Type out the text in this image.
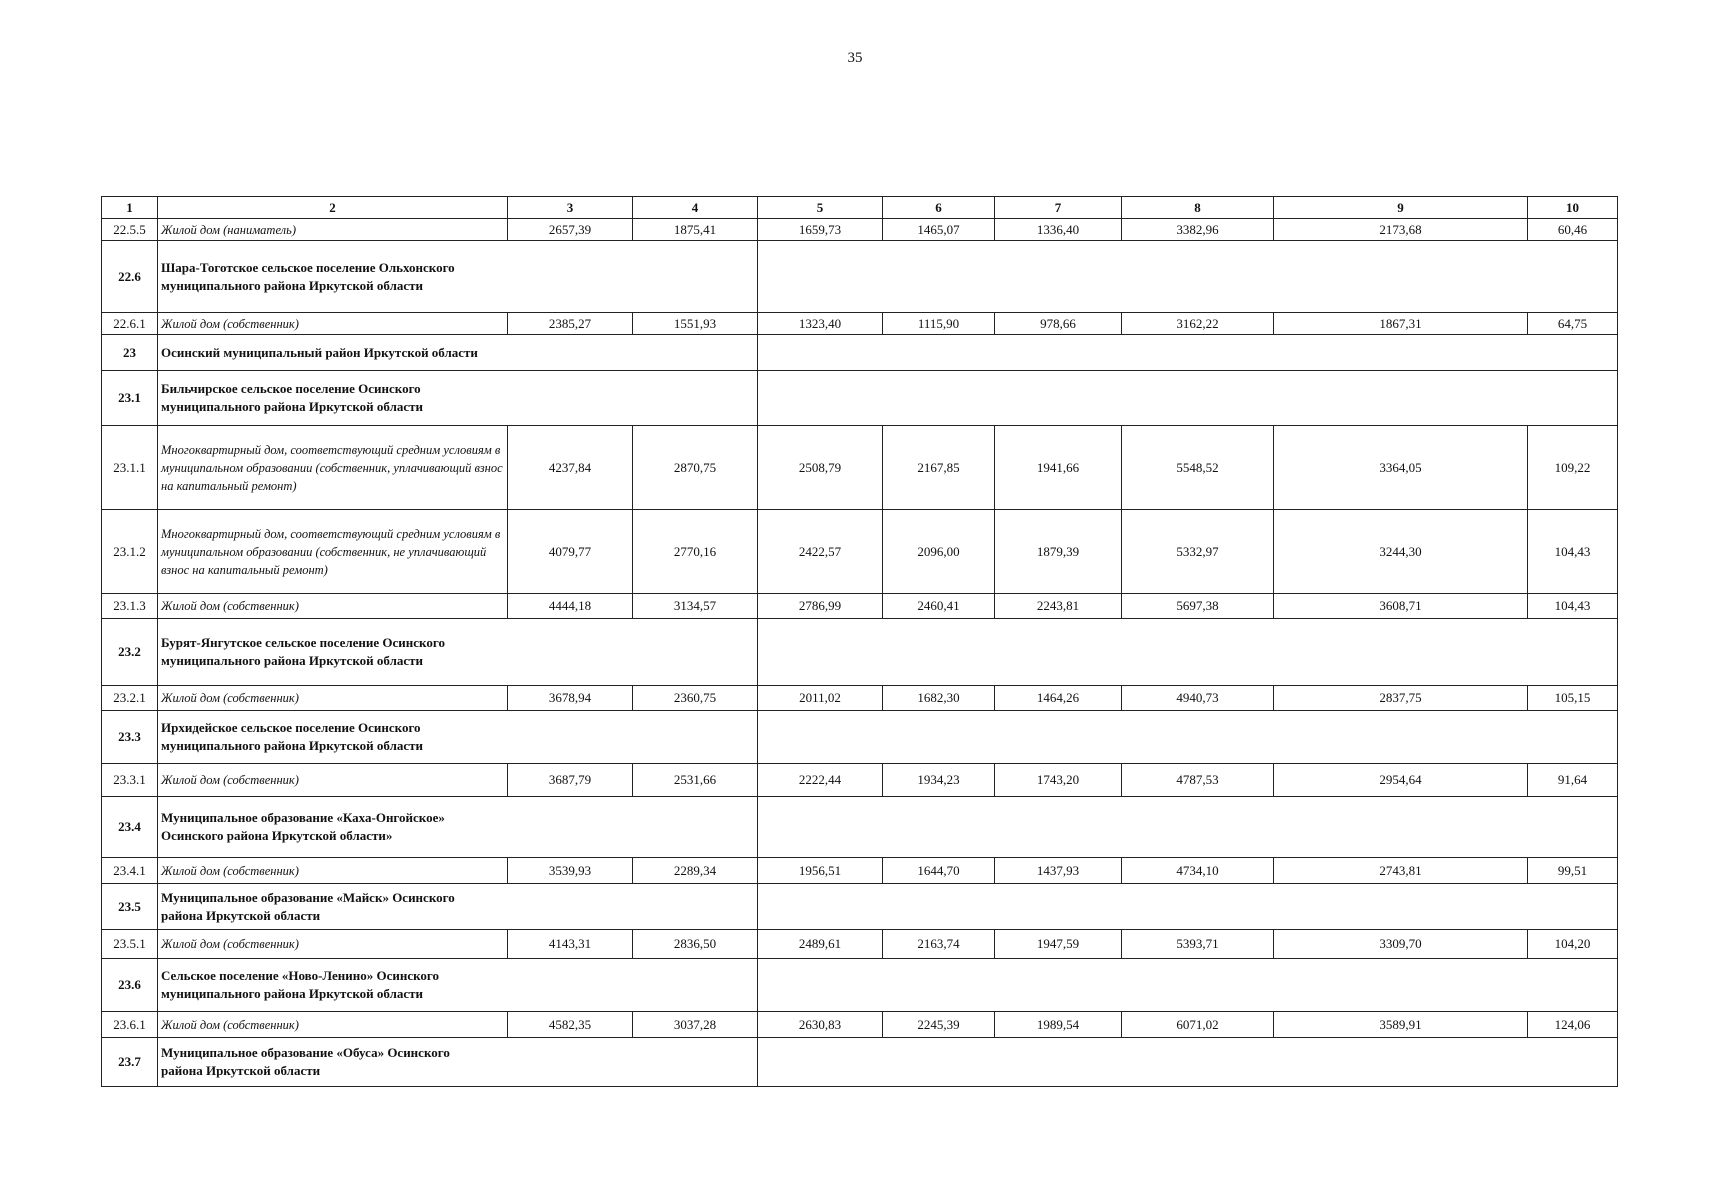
35
1	2	3	4	5	6	7	8	9	10
22.5.5	Жилой дом (наниматель)	2657,39	1875,41	1659,73	1465,07	1336,40	3382,96	2173,68	60,46
22.6	Шара-Тоготское сельское поселение Ольхонского муниципального района Иркутской области								

22.6.1	Жилой дом (собственник)	2385,27	1551,93	1323,40	1115,90	978,66	3162,22	1867,31	64,75
23	Осинский муниципальный район Иркутской области								

23.1	Бильчирское сельское поселение Осинского муниципального района Иркутской области								

23.1.1	Многоквартирный дом, соответствующий средним условиям в муниципальном образовании (собственник, уплачивающий взнос на капитальный ремонт)	4237,84	2870,75	2508,79	2167,85	1941,66	5548,52	3364,05	109,22
23.1.2	Многоквартирный дом, соответствующий средним условиям в муниципальном образовании (собственник, не уплачивающий взнос на капитальный ремонт)	4079,77	2770,16	2422,57	2096,00	1879,39	5332,97	3244,30	104,43
23.1.3	Жилой дом (собственник)	4444,18	3134,57	2786,99	2460,41	2243,81	5697,38	3608,71	104,43
23.2	Бурят-Янгутское сельское поселение Осинского муниципального района Иркутской области								

23.2.1	Жилой дом (собственник)	3678,94	2360,75	2011,02	1682,30	1464,26	4940,73	2837,75	105,15
23.3	Ирхидейское сельское поселение Осинского муниципального района Иркутской области								

23.3.1	Жилой дом (собственник)	3687,79	2531,66	2222,44	1934,23	1743,20	4787,53	2954,64	91,64
23.4	Муниципальное образование «Каха-Онгойское» Осинского района Иркутской области»								

23.4.1	Жилой дом (собственник)	3539,93	2289,34	1956,51	1644,70	1437,93	4734,10	2743,81	99,51
23.5	Муниципальное образование «Майск» Осинского района Иркутской области								

23.5.1	Жилой дом (собственник)	4143,31	2836,50	2489,61	2163,74	1947,59	5393,71	3309,70	104,20
23.6	Сельское поселение «Ново-Ленино» Осинского муниципального района Иркутской области								

23.6.1	Жилой дом (собственник)	4582,35	3037,28	2630,83	2245,39	1989,54	6071,02	3589,91	124,06
23.7	Муниципальное образование «Обуса» Осинского района Иркутской области								
